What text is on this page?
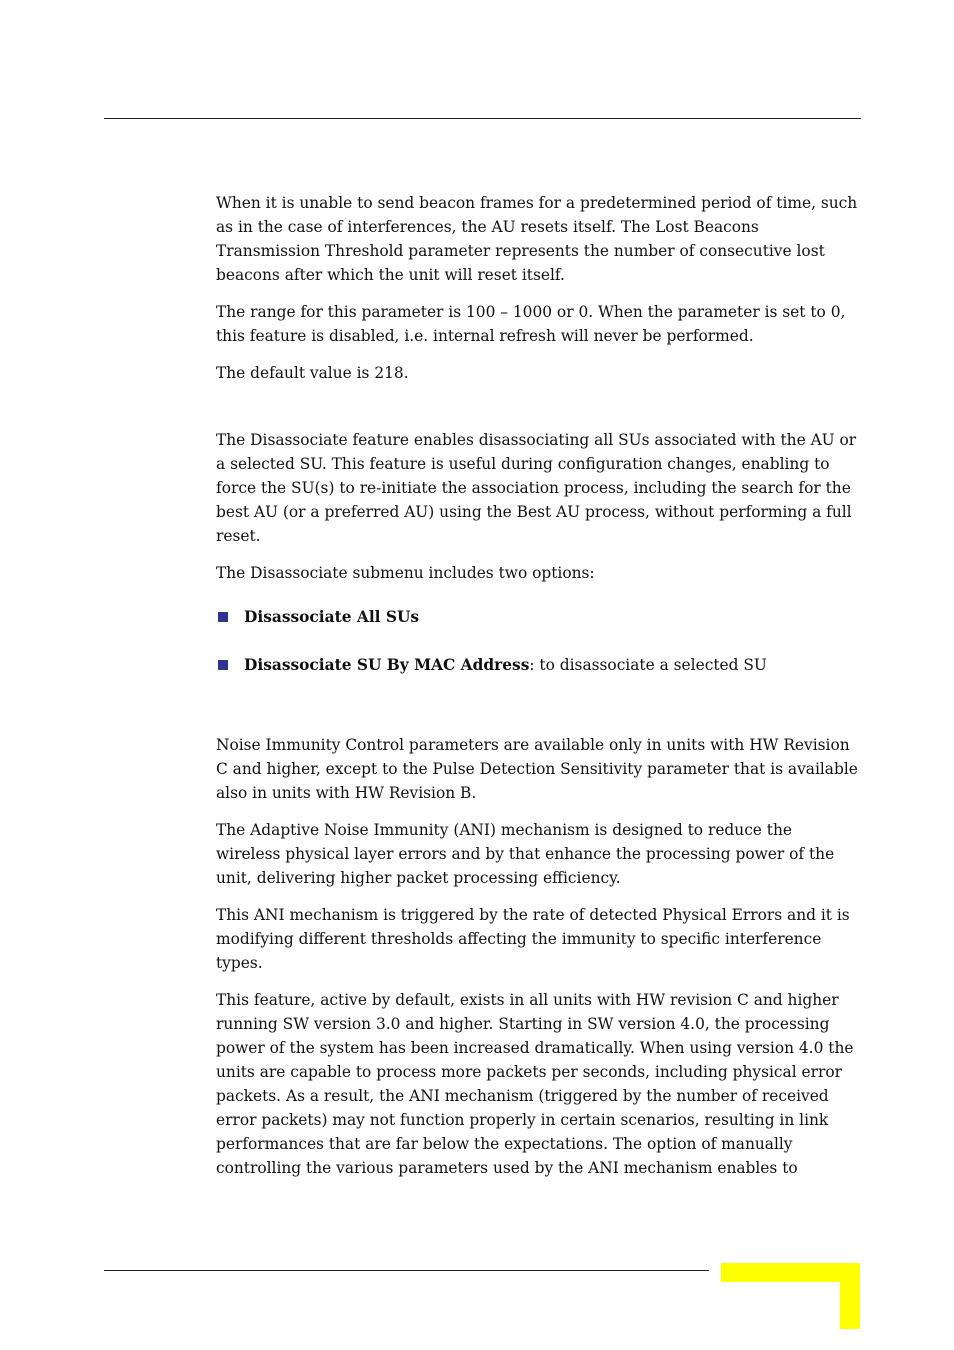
When it is unable to send beacon frames for a predetermined period of time, such as in the case of interferences, the AU resets itself. The Lost Beacons Transmission Threshold parameter represents the number of consecutive lost beacons after which the unit will reset itself.

The range for this parameter is 100 – 1000 or 0. When the parameter is set to 0, this feature is disabled, i.e. internal refresh will never be performed.

The default value is 218.

The Disassociate feature enables disassociating all SUs associated with the AU or a selected SU. This feature is useful during configuration changes, enabling to force the SU(s) to re-initiate the association process, including the search for the best AU (or a preferred AU) using the Best AU process, without performing a full reset.

The Disassociate submenu includes two options:

Disassociate All SUs
Disassociate SU By MAC Address: to disassociate a selected SU

Noise Immunity Control parameters are available only in units with HW Revision C and higher, except to the Pulse Detection Sensitivity parameter that is available also in units with HW Revision B.

The Adaptive Noise Immunity (ANI) mechanism is designed to reduce the wireless physical layer errors and by that enhance the processing power of the unit, delivering higher packet processing efficiency.

This ANI mechanism is triggered by the rate of detected Physical Errors and it is modifying different thresholds affecting the immunity to specific interference types.

This feature, active by default, exists in all units with HW revision C and higher running SW version 3.0 and higher. Starting in SW version 4.0, the processing power of the system has been increased dramatically. When using version 4.0 the units are capable to process more packets per seconds, including physical error packets. As a result, the ANI mechanism (triggered by the number of received error packets) may not function properly in certain scenarios, resulting in link performances that are far below the expectations. The option of manually controlling the various parameters used by the ANI mechanism enables to
